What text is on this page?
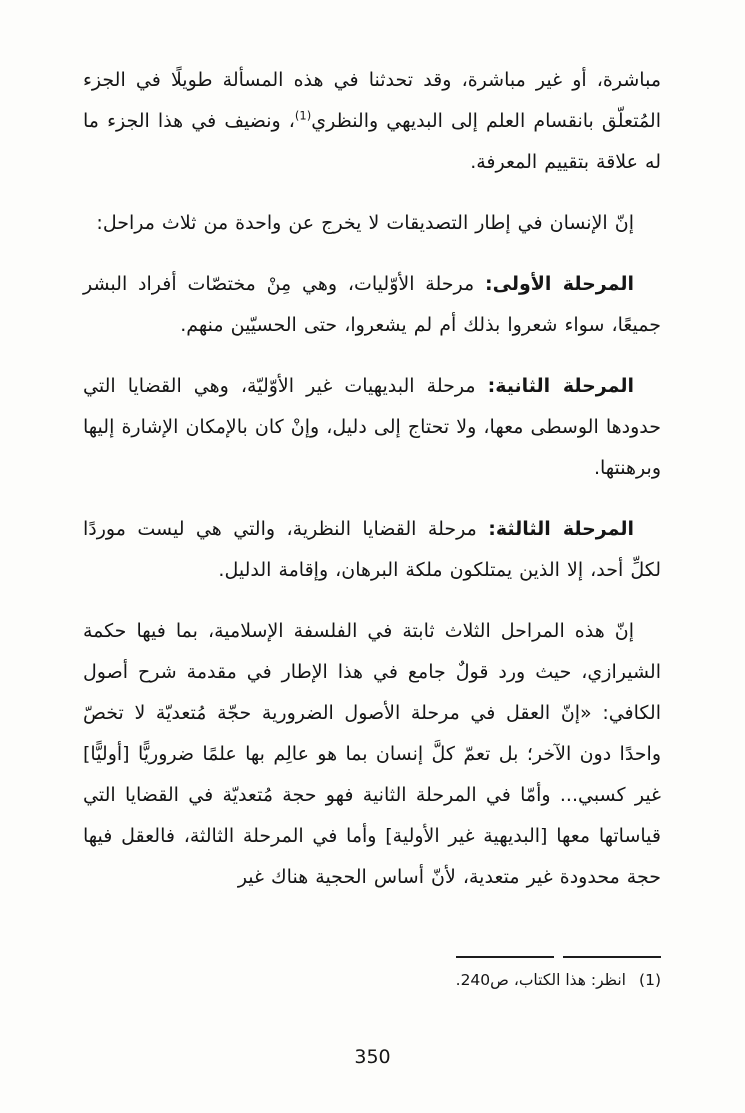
مباشرة، أو غير مباشرة، وقد تحدثنا في هذه المسألة طويلًا في الجزء المُتعلّق بانقسام العلم إلى البديهي والنظري$^{(1)}$، ونضيف في هذا الجزء ما له علاقة بتقييم المعرفة.

إنّ الإنسان في إطار التصديقات لا يخرج عن واحدة من ثلاث مراحل:

المرحلة الأولى: مرحلة الأوّليات، وهي مِنْ مختصّات أفراد البشر جميعًا، سواء شعروا بذلك أم لم يشعروا، حتى الحسيّين منهم.

المرحلة الثانية: مرحلة البديهيات غير الأوّليّة، وهي القضايا التي حدودها الوسطى معها، ولا تحتاج إلى دليل، وإنْ كان بالإمكان الإشارة إليها وبرهنتها.

المرحلة الثالثة: مرحلة القضايا النظرية، والتي هي ليست موردًا لكلِّ أحد، إلا الذين يمتلكون ملكة البرهان، وإقامة الدليل.

إنّ هذه المراحل الثلاث ثابتة في الفلسفة الإسلامية، بما فيها حكمة الشيرازي، حيث ورد قولٌ جامع في هذا الإطار في مقدمة شرح أصول الكافي: «إنّ العقل في مرحلة الأصول الضرورية حجّة مُتعديّة لا تخصّ واحدًا دون الآخر؛ بل تعمّ كلَّ إنسان بما هو عالِم بها علمًا ضروريًّا [أوليًّا] غير كسبي... وأمّا في المرحلة الثانية فهو حجة مُتعديّة في القضايا التي قياساتها معها [البديهية غير الأولية] وأما في المرحلة الثالثة، فالعقل فيها حجة محدودة غير متعدية، لأنّ أساس الحجية هناك غير

(1)انظر: هذا الكتاب، ص240.
350
